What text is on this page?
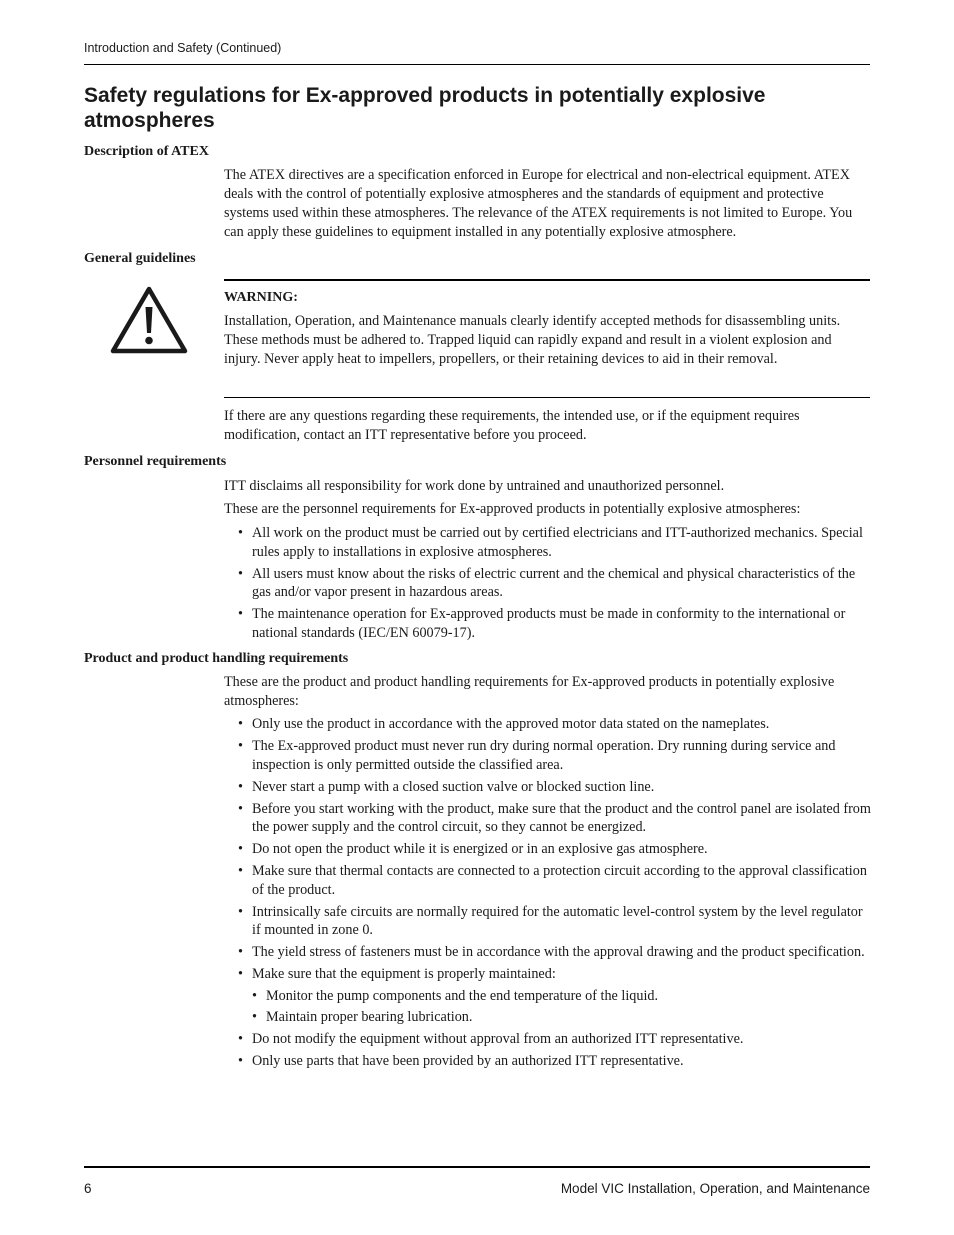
Introduction and Safety (Continued)
Safety regulations for Ex-approved products in potentially explosive atmospheres
Description of ATEX

The ATEX directives are a specification enforced in Europe for electrical and non-electrical equipment. ATEX deals with the control of potentially explosive atmospheres and the standards of equipment and protective systems used within these atmospheres. The relevance of the ATEX requirements is not limited to Europe. You can apply these guidelines to equipment installed in any potentially explosive atmosphere.

General guidelines
WARNING:

Installation, Operation, and Maintenance manuals clearly identify accepted methods for disassembling units. These methods must be adhered to. Trapped liquid can rapidly expand and result in a violent explosion and injury. Never apply heat to impellers, propellers, or their retaining devices to aid in their removal.

If there are any questions regarding these requirements, the intended use, or if the equipment requires modification, contact an ITT representative before you proceed.

Personnel requirements

ITT disclaims all responsibility for work done by untrained and unauthorized personnel.

These are the personnel requirements for Ex-approved products in potentially explosive atmospheres:

• All work on the product must be carried out by certified electricians and ITT-authorized mechanics. Special rules apply to installations in explosive atmospheres.
• All users must know about the risks of electric current and the chemical and physical characteristics of the gas and/or vapor present in hazardous areas.
• The maintenance operation for Ex-approved products must be made in conformity to the international or national standards (IEC/EN 60079-17).
Product and product handling requirements

These are the product and product handling requirements for Ex-approved products in potentially explosive atmospheres:

• Only use the product in accordance with the approved motor data stated on the nameplates.
• The Ex-approved product must never run dry during normal operation. Dry running during service and inspection is only permitted outside the classified area.
• Never start a pump with a closed suction valve or blocked suction line.
• Before you start working with the product, make sure that the product and the control panel are isolated from the power supply and the control circuit, so they cannot be energized.
• Do not open the product while it is energized or in an explosive gas atmosphere.
• Make sure that thermal contacts are connected to a protection circuit according to the approval classification of the product.
• Intrinsically safe circuits are normally required for the automatic level-control system by the level regulator if mounted in zone 0.
• The yield stress of fasteners must be in accordance with the approval drawing and the product specification.
• Make sure that the equipment is properly maintained:
• Monitor the pump components and the end temperature of the liquid.
• Maintain proper bearing lubrication.
• Do not modify the equipment without approval from an authorized ITT representative.
• Only use parts that have been provided by an authorized ITT representative.
6	Model VIC Installation, Operation, and Maintenance
